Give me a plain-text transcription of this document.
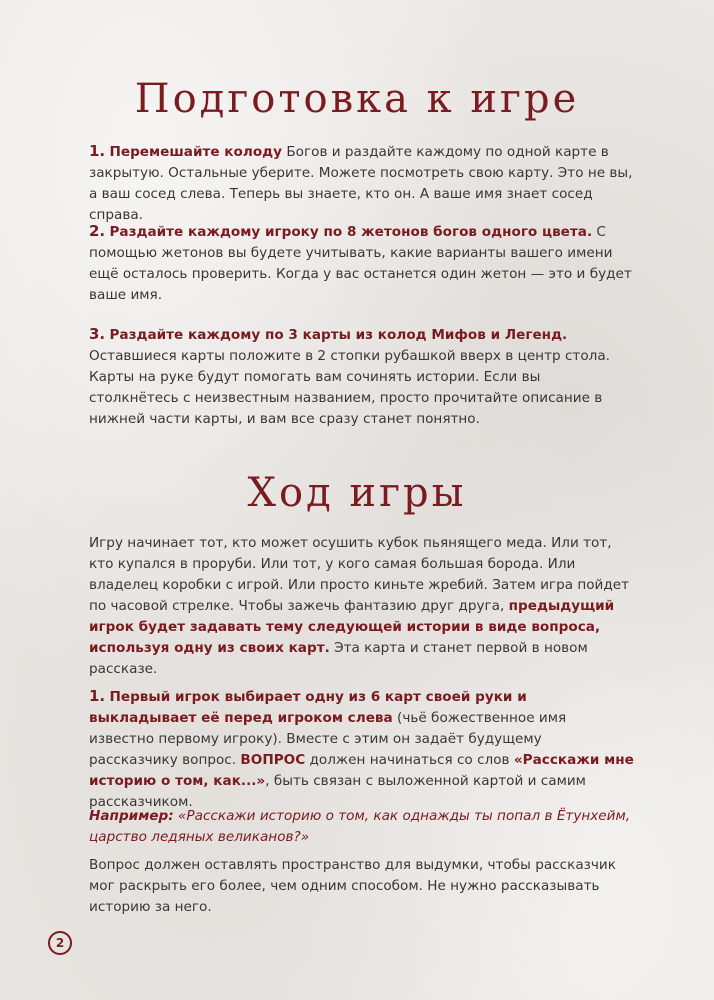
Подготовка к игре

1. Перемешайте колоду Богов и раздайте каждому по одной карте в закрытую. Остальные уберите. Можете посмотреть свою карту. Это не вы, а ваш сосед слева. Теперь вы знаете, кто он. А ваше имя знает сосед справа.

2. Раздайте каждому игроку по 8 жетонов богов одного цвета. С помощью жетонов вы будете учитывать, какие варианты вашего имени ещё осталось проверить. Когда у вас останется один жетон — это и будет ваше имя.

3. Раздайте каждому по 3 карты из колод Мифов и Легенд. Оставшиеся карты положите в 2 стопки рубашкой вверх в центр стола. Карты на руке будут помогать вам сочинять истории. Если вы столкнётесь с неизвестным названием, просто прочитайте описание в нижней части карты, и вам все сразу станет понятно.

Ход игры

Игру начинает тот, кто может осушить кубок пьянящего меда. Или тот, кто купался в проруби. Или тот, у кого самая большая борода. Или владелец коробки с игрой. Или просто киньте жребий. Затем игра пойдет по часовой стрелке. Чтобы зажечь фантазию друг друга, предыдущий игрок будет задавать тему следующей истории в виде вопроса, используя одну из своих карт. Эта карта и станет первой в новом рассказе.

1. Первый игрок выбирает одну из 6 карт своей руки и выкладывает её перед игроком слева (чьё божественное имя известно первому игроку). Вместе с этим он задаёт будущему рассказчику вопрос. ВОПРОС должен начинаться со слов «Расскажи мне историю о том, как...», быть связан с выложенной картой и самим рассказчиком.

Например: «Расскажи историю о том, как однажды ты попал в Ётунхейм, царство ледяных великанов?»

Вопрос должен оставлять пространство для выдумки, чтобы рассказчик мог раскрыть его более, чем одним способом. Не нужно рассказывать историю за него.

2
